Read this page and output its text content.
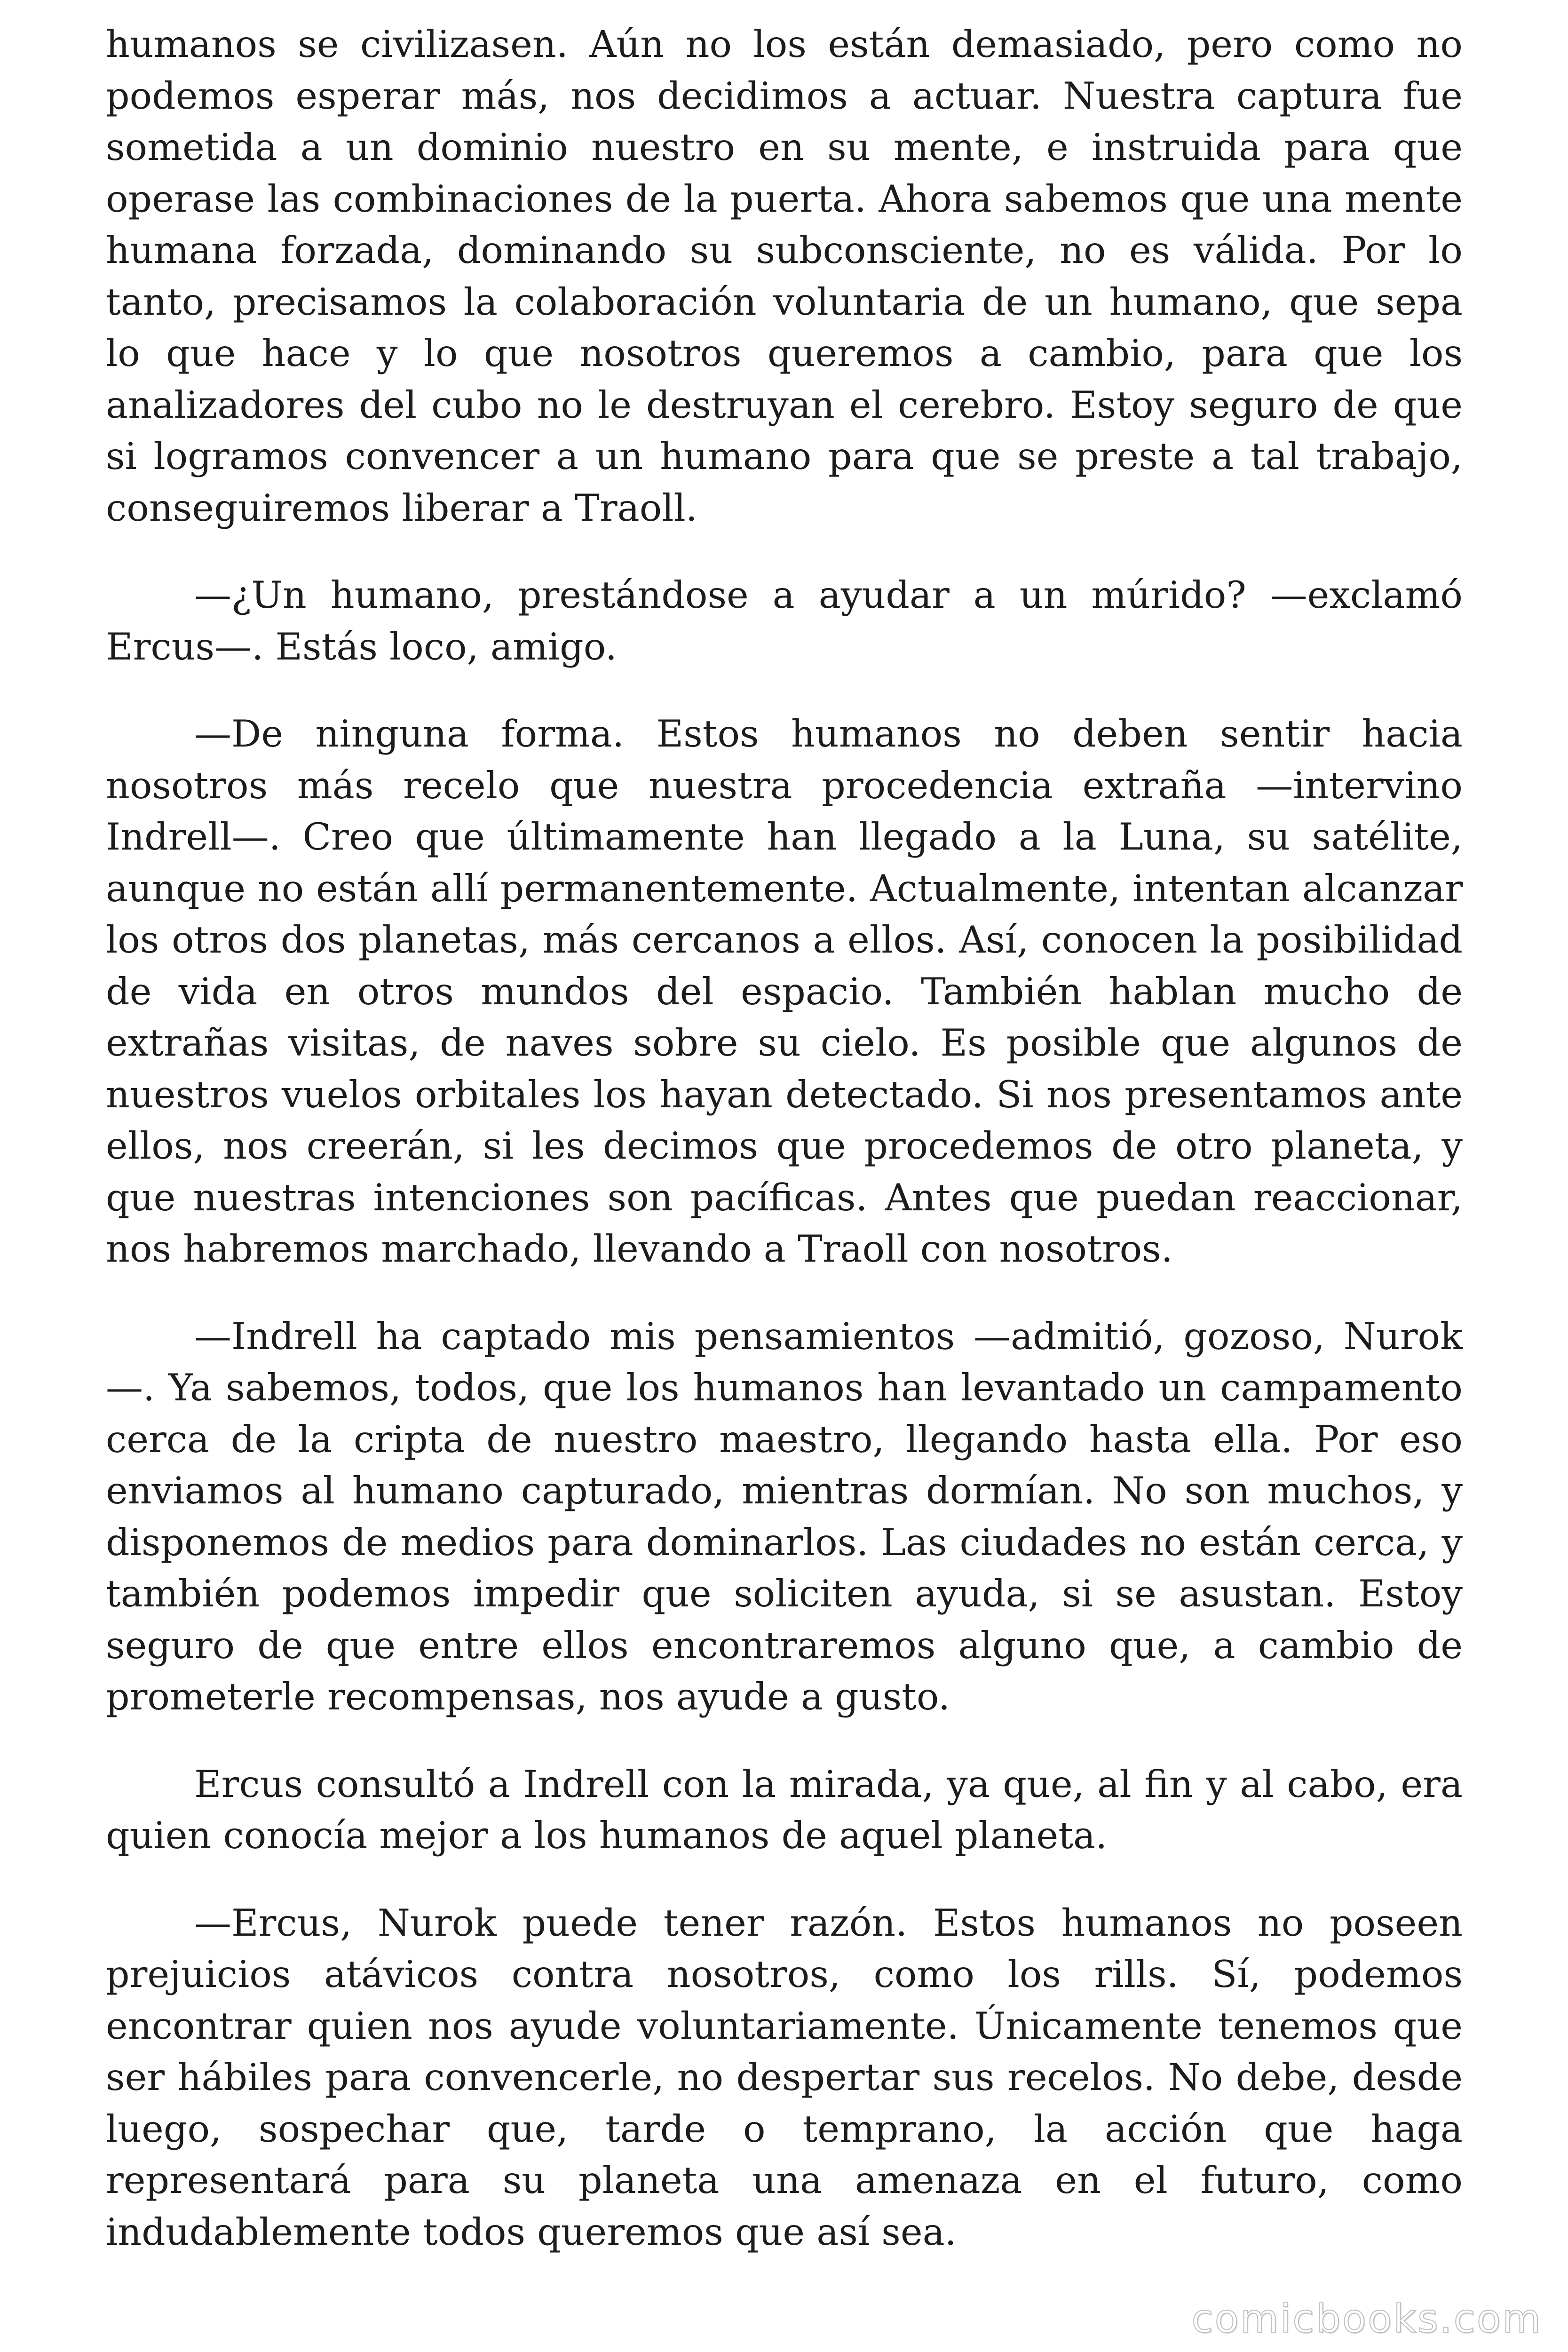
humanos se civilizasen. Aún no los están demasiado, pero como no podemos esperar más, nos decidimos a actuar. Nuestra captura fue sometida a un dominio nuestro en su mente, e instruida para que operase las combinaciones de la puerta. Ahora sabemos que una mente humana forzada, dominando su subconsciente, no es válida. Por lo tanto, precisamos la colaboración voluntaria de un humano, que sepa lo que hace y lo que nosotros queremos a cambio, para que los analizadores del cubo no le destruyan el cerebro. Estoy seguro de que si logramos convencer a un humano para que se preste a tal trabajo, conseguiremos liberar a Traoll.

—¿Un humano, prestándose a ayudar a un múrido? —exclamó Ercus—. Estás loco, amigo.

—De ninguna forma. Estos humanos no deben sentir hacia nosotros más recelo que nuestra procedencia extraña —intervino Indrell—. Creo que últimamente han llegado a la Luna, su satélite, aunque no están allí permanentemente. Actualmente, intentan alcanzar los otros dos planetas, más cercanos a ellos. Así, conocen la posibilidad de vida en otros mundos del espacio. También hablan mucho de extrañas visitas, de naves sobre su cielo. Es posible que algunos de nuestros vuelos orbitales los hayan detectado. Si nos presentamos ante ellos, nos creerán, si les decimos que procedemos de otro planeta, y que nuestras intenciones son pacíficas. Antes que puedan reaccionar, nos habremos marchado, llevando a Traoll con nosotros.

—Indrell ha captado mis pensamientos —admitió, gozoso, Nurok —. Ya sabemos, todos, que los humanos han levantado un campamento cerca de la cripta de nuestro maestro, llegando hasta ella. Por eso enviamos al humano capturado, mientras dormían. No son muchos, y disponemos de medios para dominarlos. Las ciudades no están cerca, y también podemos impedir que soliciten ayuda, si se asustan. Estoy seguro de que entre ellos encontraremos alguno que, a cambio de prometerle recompensas, nos ayude a gusto.

Ercus consultó a Indrell con la mirada, ya que, al fin y al cabo, era quien conocía mejor a los humanos de aquel planeta.

—Ercus, Nurok puede tener razón. Estos humanos no poseen prejuicios atávicos contra nosotros, como los rills. Sí, podemos encontrar quien nos ayude voluntariamente. Únicamente tenemos que ser hábiles para convencerle, no despertar sus recelos. No debe, desde luego, sospechar que, tarde o temprano, la acción que haga representará para su planeta una amenaza en el futuro, como indudablemente todos queremos que así sea.

comicbooks.com
